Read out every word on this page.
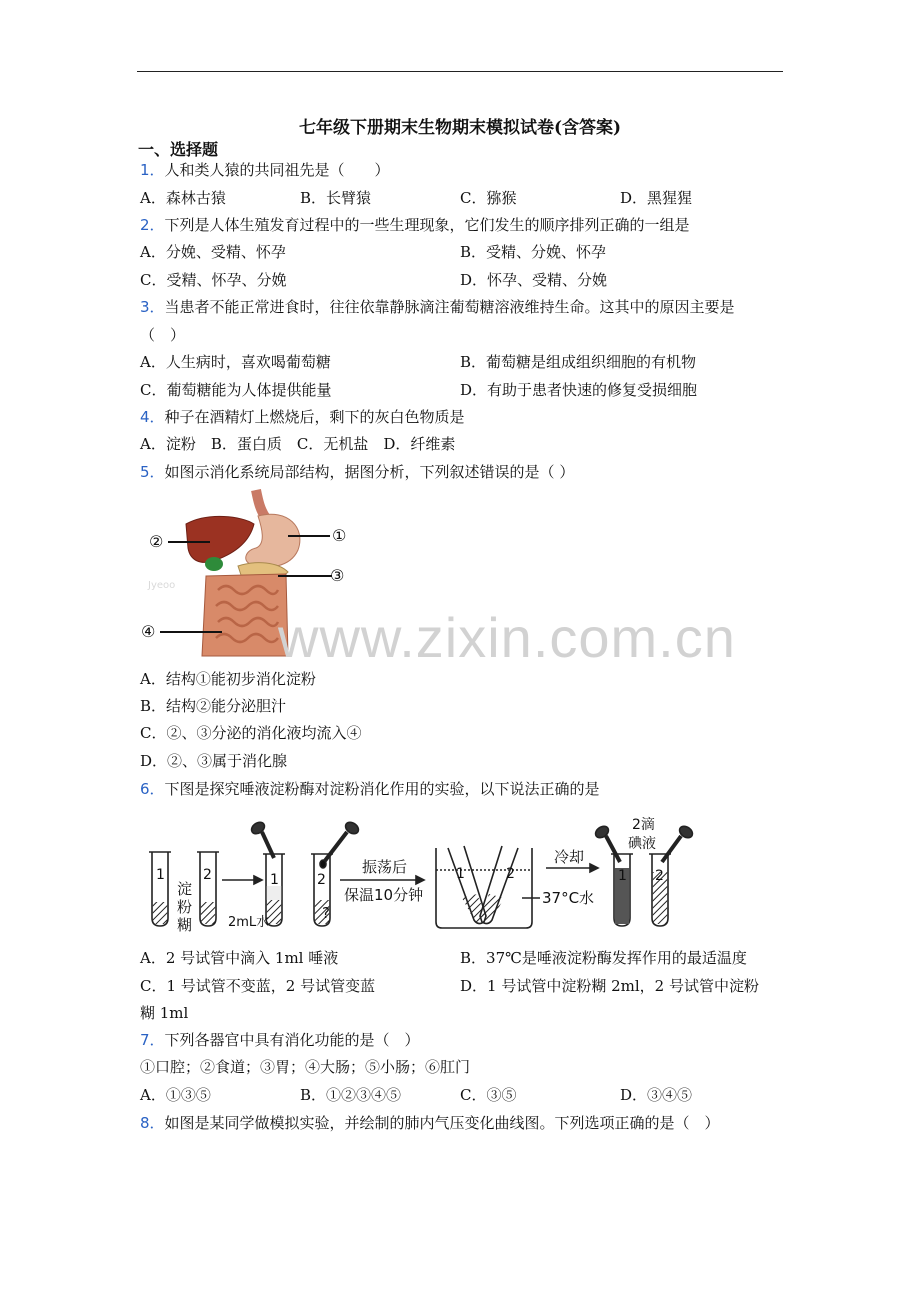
七年级下册期末生物期末模拟试卷(含答案)
一、选择题
1．人和类人猿的共同祖先是（　　）
A．森林古猿	B．长臂猿	C．猕猴	D．黑猩猩
2．下列是人体生殖发育过程中的一些生理现象，它们发生的顺序排列正确的一组是
A．分娩、受精、怀孕	B．受精、分娩、怀孕
C．受精、怀孕、分娩	D．怀孕、受精、分娩
3．当患者不能正常进食时，往往依靠静脉滴注葡萄糖溶液维持生命。这其中的原因主要是
（　）
A．人生病时，喜欢喝葡萄糖	B．葡萄糖是组成组织细胞的有机物
C．葡萄糖能为人体提供能量	D．有助于患者快速的修复受损细胞
4．种子在酒精灯上燃烧后，剩下的灰白色物质是
A．淀粉　B．蛋白质　C．无机盐　D．纤维素
5．如图示消化系统局部结构，据图分析，下列叙述错误的是（ ）
Jyeoo
①
②
③
④ www.zixin.com.cn
A．结构①能初步消化淀粉
B．结构②能分泌胆汁
C．②、③分泌的消化液均流入④
D．②、③属于消化腺
6．下图是探究唾液淀粉酶对淀粉消化作用的实验，以下说法正确的是
1	2
淀
粉
糊
1	2
2mL水
?
振荡后
保温10分钟
1	2
37°C水
冷却
2滴
碘液
1 2
A．2 号试管中滴入 1ml 唾液	B．37℃是唾液淀粉酶发挥作用的最适温度
C．1 号试管不变蓝，2 号试管变蓝	D．1 号试管中淀粉糊 2ml，2 号试管中淀粉
糊 1ml
7．下列各器官中具有消化功能的是（　）
①口腔；②食道；③胃；④大肠；⑤小肠；⑥肛门
A．①③⑤	B．①②③④⑤	C．③⑤	D．③④⑤
8．如图是某同学做模拟实验，并绘制的肺内气压变化曲线图。下列选项正确的是（　）
